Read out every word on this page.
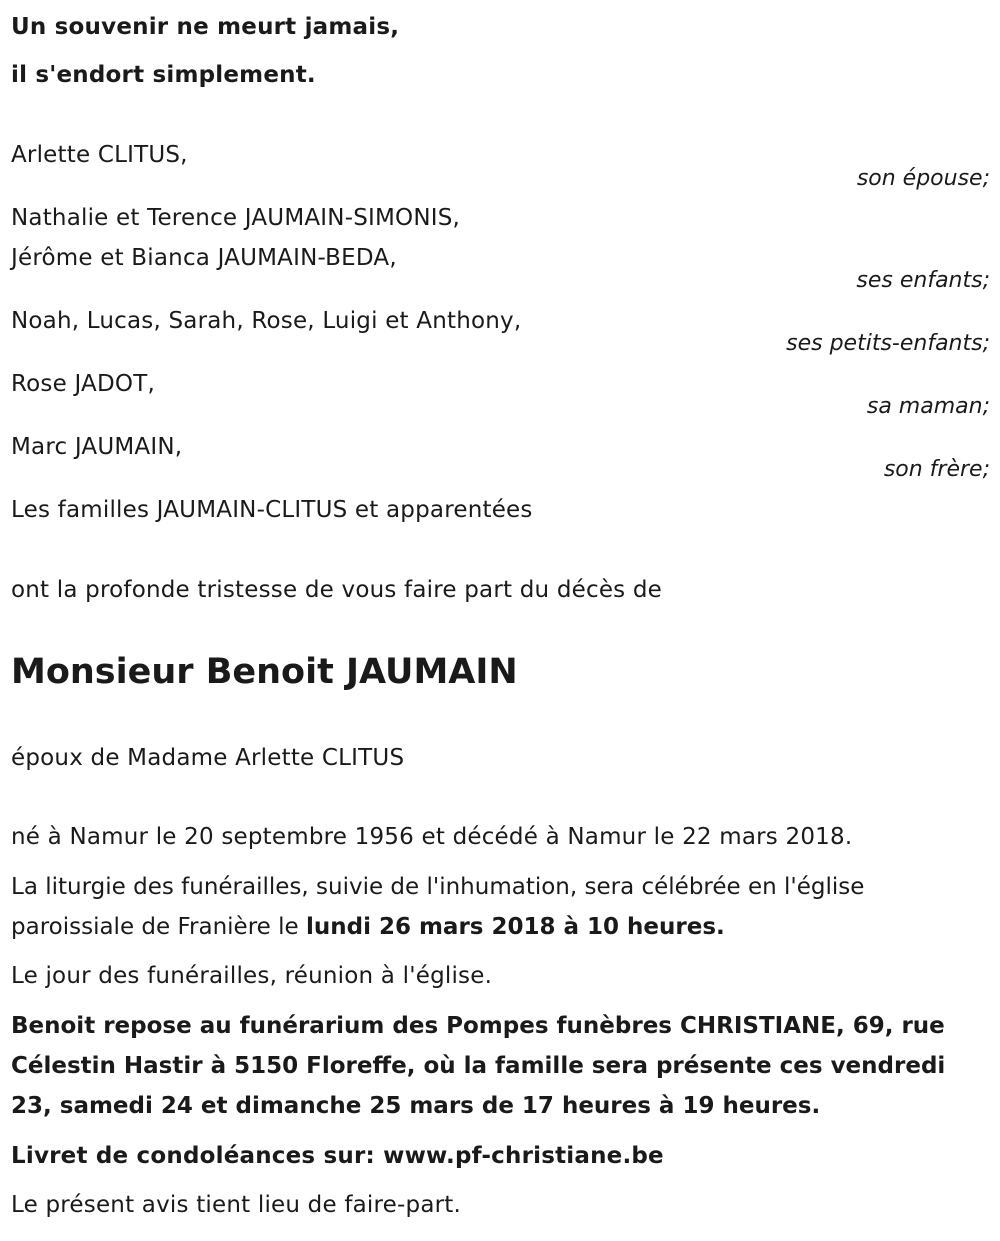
Un souvenir ne meurt jamais,
il s'endort simplement.
Arlette CLITUS,
son épouse;
Nathalie et Terence JAUMAIN-SIMONIS,
Jérôme et Bianca JAUMAIN-BEDA,
ses enfants;
Noah, Lucas, Sarah, Rose, Luigi et Anthony,
ses petits-enfants;
Rose JADOT,
sa maman;
Marc JAUMAIN,
son frère;
Les familles JAUMAIN-CLITUS et apparentées
ont la profonde tristesse de vous faire part du décès de
Monsieur Benoit JAUMAIN
époux de Madame Arlette CLITUS
né à Namur le 20 septembre 1956 et décédé à Namur le 22 mars 2018.
La liturgie des funérailles, suivie de l'inhumation, sera célébrée en l'église paroissiale de Franière le lundi 26 mars 2018 à 10 heures.
Le jour des funérailles, réunion à l'église.
Benoit repose au funérarium des Pompes funèbres CHRISTIANE, 69, rue Célestin Hastir à 5150 Floreffe, où la famille sera présente ces vendredi 23, samedi 24 et dimanche 25 mars de 17 heures à 19 heures.
Livret de condoléances sur: www.pf-christiane.be
Le présent avis tient lieu de faire-part.
